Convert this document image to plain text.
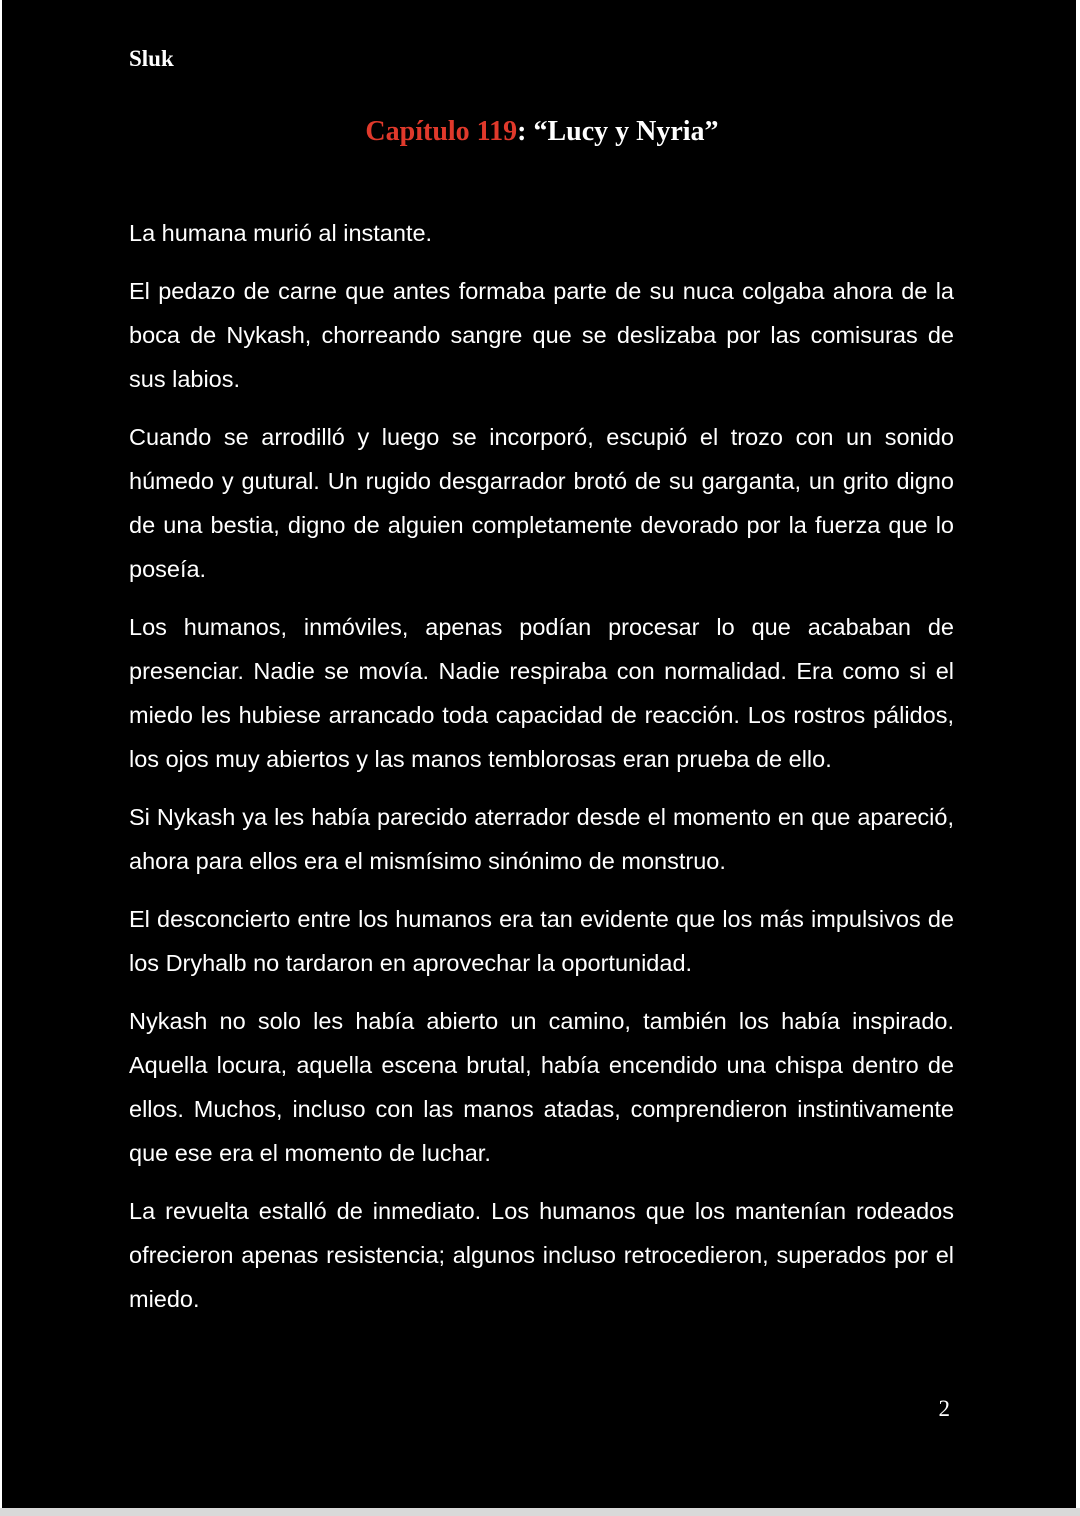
Sluk
Capítulo 119: “Lucy y Nyria”

La humana murió al instante.

El pedazo de carne que antes formaba parte de su nuca colgaba ahora de la boca de Nykash, chorreando sangre que se deslizaba por las comisuras de sus labios.

Cuando se arrodilló y luego se incorporó, escupió el trozo con un sonido húmedo y gutural. Un rugido desgarrador brotó de su garganta, un grito digno de una bestia, digno de alguien completamente devorado por la fuerza que lo poseía.

Los humanos, inmóviles, apenas podían procesar lo que acababan de presenciar. Nadie se movía. Nadie respiraba con normalidad. Era como si el miedo les hubiese arrancado toda capacidad de reacción. Los rostros pálidos, los ojos muy abiertos y las manos temblorosas eran prueba de ello.

Si Nykash ya les había parecido aterrador desde el momento en que apareció, ahora para ellos era el mismísimo sinónimo de monstruo.

El desconcierto entre los humanos era tan evidente que los más impulsivos de los Dryhalb no tardaron en aprovechar la oportunidad.

Nykash no solo les había abierto un camino, también los había inspirado. Aquella locura, aquella escena brutal, había encendido una chispa dentro de ellos. Muchos, incluso con las manos atadas, comprendieron instintivamente que ese era el momento de luchar.

La revuelta estalló de inmediato. Los humanos que los mantenían rodeados ofrecieron apenas resistencia; algunos incluso retrocedieron, superados por el miedo.

2
